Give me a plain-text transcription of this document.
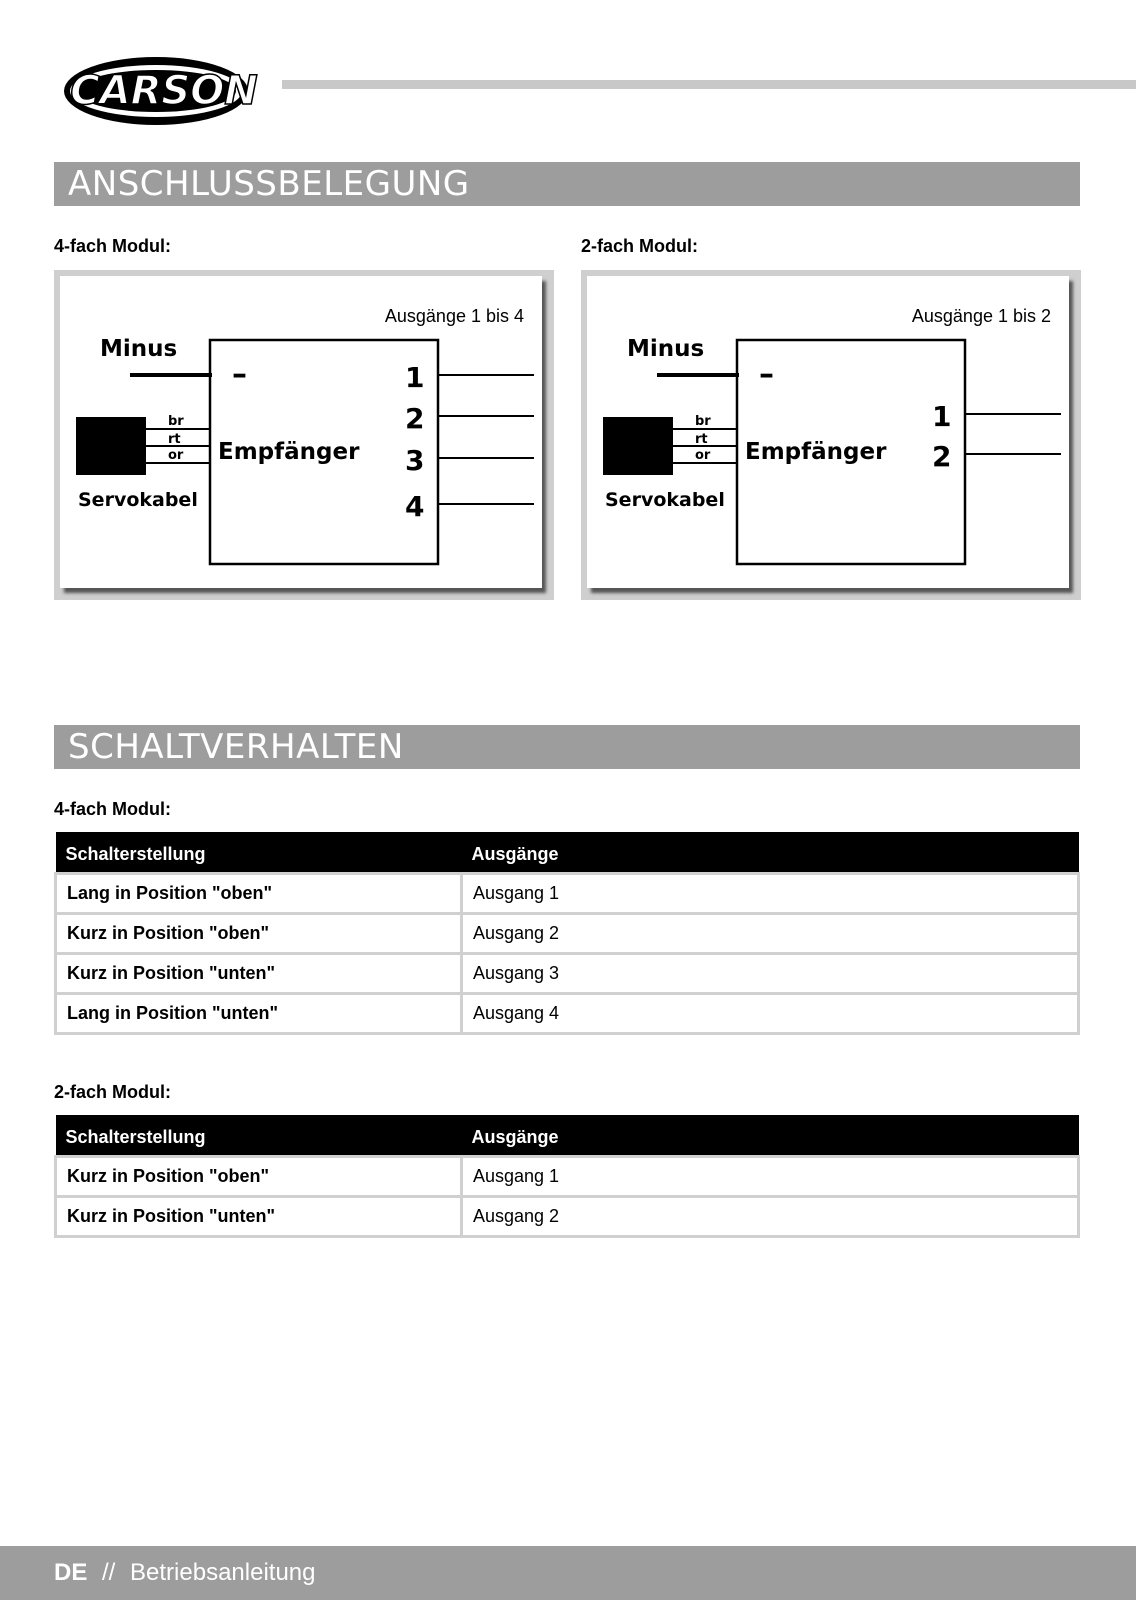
CARSON
ANSCHLUSSBELEGUNG
4-fach Modul:	2-fach Modul:
Minus
–
br
rt
or
Servokabel
Empfänger
1
2
3
4
Ausgänge 1 bis 4
Minus
–
br
rt
or
Servokabel
Empfänger
1
2
Ausgänge 1 bis 2
SCHALTVERHALTEN
4-fach Modul:
Schalterstellung	Ausgänge
Lang in Position "oben"	Ausgang 1
Kurz in Position "oben"	Ausgang 2
Kurz in Position "unten"	Ausgang 3
Lang in Position "unten"	Ausgang 4
2-fach Modul:
Schalterstellung	Ausgänge
Kurz in Position "oben"	Ausgang 1
Kurz in Position "unten"	Ausgang 2
DE // Betriebsanleitung
